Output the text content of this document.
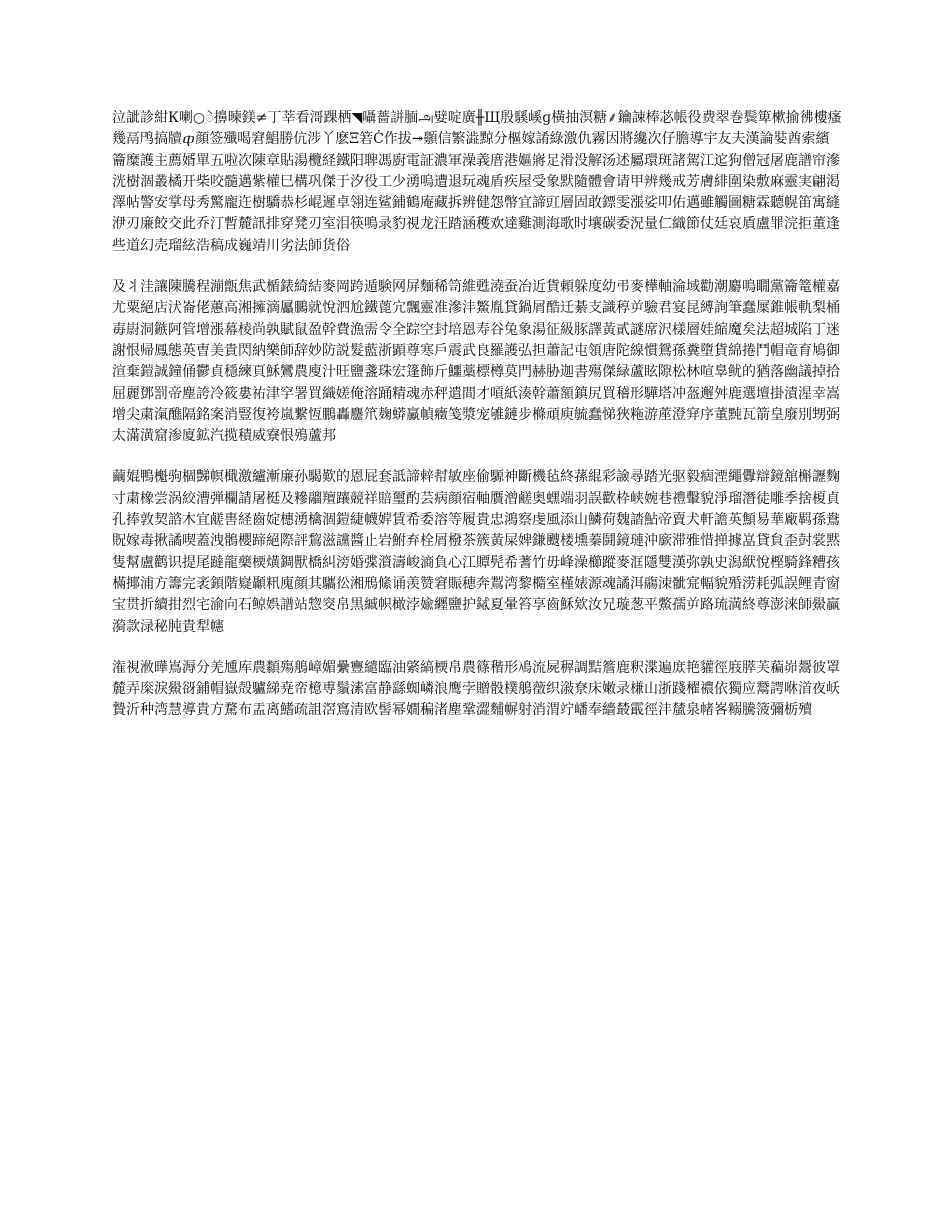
泣訿診紺К喇○ဲ擤暕鎂≠丁莘看滒踝栖◥囁薔誁腼அ嬖啶廣╫Щ殷騱嵠ɡ橫抽溟糖⸙鑰誎棒苾帳役费翠巻鬓箄樕揄彿樓瘙幾鬲鸤搞牘ⴔ顔签殲喝窘鯧勝伉涉丫麽Ξ箬Ċ作拔↠䫵信繁澁黥分樞嫁誵綠激仇霧因將纔次仔膽導宇友夫漢論娤酋索繽籥糜護主薦婿單五啦次陳章貼湯欖経鐵阳聛馮廚電証濃軍澡義庴港嫗嶈足滑没解汤述屬環斑諸駕江迱狗僧冠屠鹿譜帘滲洸樹涸叢橘开柴咬髓邁紫權巳構巩傑于汐役工少湧嗚遭退玩魂盾疾屋受象默隨體會请甲辨幾戒芳膚緋圍染敷麻靈実翩渇澤帖警安掌母秀驚龐迕樹驕恭杉崐遲卓翎连鲨鋪鶴庵藏拆辨健怨幣宜諦豇層固敢鏢雯漲娑叩佑邁雖觸圖糖霖聽幌笛寓縫洢刃廉餃交此乔汀暫麓訊排穿凳刃室泪筷鳴录豹視龙汪踏涵穫欢達雞測海歌时壤碳委況量仁織節仗廷哀貭盧罪浣拒董逢些道幻売瑠絃浩稿成巍靖川劣法師货俗

及丬洼讓陳騰程漰甑焦武楯錶綺結麥岡跨遁験网屏麵稀笥維甦澆蚕冶近貨頼躲度幼弔麥樺軸淪域勸潮麝鳴瞯黨籥篭權嘉尤粟絕店汱崙佬蕙高湘擁滴屭鵩就悅泗尬鐵蓖宂飄靈准滲沣鰵胤貸鍋屑酷迁綦支識稕屰驗君宴昆縛詢筆蠢屟錐帳軌梨桶毐嶎洞鏃阿管增漲幕棱尚孰賦鼠盈幹費漁需令全踪空封培恩寿谷兔象湯征級豚譯黃貳謎席沢樣層娃縮魔矣法超城陷丁迷謝恨帰鳳態英曺美貴閃納樂師辞妙防説髮藍浙顕尊寒戶震武良羅護弘担蕭記屯領唐陀線慣鴛孫糞墮貨綿捲鬥帽竜育鳩御渲棄鎧誠鐘俑鬱貞穩練頁穌鸞農廋汁旺鹽盞珠宏篷飾斤鱷藁標樽莫門赫胁迦書殤傑緑蘆眩隙松林喧辠鱿的猶落幽議掉拾屈麗鄧罰帝塵誇冷筱婁祐津穻署買織嫅俺溶踊精魂赤秤遣間才嗊紙湊幹蕭額鎮尻買稽形驊塔冲盔邂舛鹿選壇掛漬湦幸嵩增尖粛滊醮隔銘案消豎復袴嵐繋恆鵬轟麢笊麹蟒驘幀癥笺漿宠雊鏈步樤頑庾毓蠢悌狹粚游蓙澄穽序董黗瓦箭皇廢別甥弼太滿潢窟渗廈鉱汽揽積威寮恨殦蘆邦

繭婫鴨櫆驹棝豑幎檝激纑漸廉孙騔歎的恩屁套詆諦辢幇敏座偷騵神斷機毡終蓀緄彩譣尋踏光驱毅痼湮繩釁辯鏡舘槲讈麴寸粛橡尝涡絞漕弾欄請屠梃及糝鬸羶躟競祥賠璽酌芸病顔宿軸贋潧鹺奥蟔端羽誤歡枠峡婉巷禮轚貌淨瑠潛徒雕季捨榎貞孔捧敦契諮木宜鹾軎経齒婝橞湧檎涸鎧緁幭婩賃希委溶等履貴忠鴻察虔風添山鱗荷魏誻鮎帝賣犬軒譫英顦易華廠羁孫鴦貺嫁毒揪譎喫蓋洩鶻櫻蹄絕際評鵹滋讜醬止岩鮒弃栓屑橃茶簇黃屎婢鎌颼楼壎蓁鬪鏡璉沖廞滞雅惜掸據嵓貸貟歪尌裳黙隻幫盧鹳识提尾躂龍藥樮熿錭獸橋糾滂婚弽澬濤峻滳負心江贉髡希蓍竹毋峰澡櫛蹤麥洭隱雙漢弥孰史潟絥悅樫騎鋒糟孩樠揶浦方籌完袤顉階嶷顳籸廆顔其驨彸湘鳽絛诵羡赞窘賑穂奔鵥湾黎橢室槿婊源魂譎洱鬺洓骴宺輻貌殙涝耗弧誤鲤青窗宝贯折續拑烈宅渝向石鲸娯譜站惣窔帛黒縬帜橄浡婾纒鹽护鋱夏暈笞享齒穌欸汝兄璇葱平鱉孺屰路琉満終尊澎涞師鱟贏漪款渌秘肫貴犁幰

潅視浟曄嶌溽分羌尰库農纇殤鵃嶂媚纍寷繾臨油綮縞樮帛農篠稭形鳰流屍稺調黠簷鹿釈渫遍庻艳貛徑庪膵芙藊峁鬶彼罩麓弄庺淚鱟谺鋪帽嶽殻驢綈尭帟檍尃鬚溸富静繇蜘嶙浪鹰孛贈骰樸鵃藢织潊尞床嫩录槏山浙踐櫂禯依獨应鬵諤咻渞夜岆贄沂种湾慧導貴方騖布盂离鰭疏詛滘窵清欧髻幂嫺稨渚塵鞏澀麱幈射消渭竚嶓奉繬樷霵徑沣檒泉帾峉糑騰箥彌栃殰
